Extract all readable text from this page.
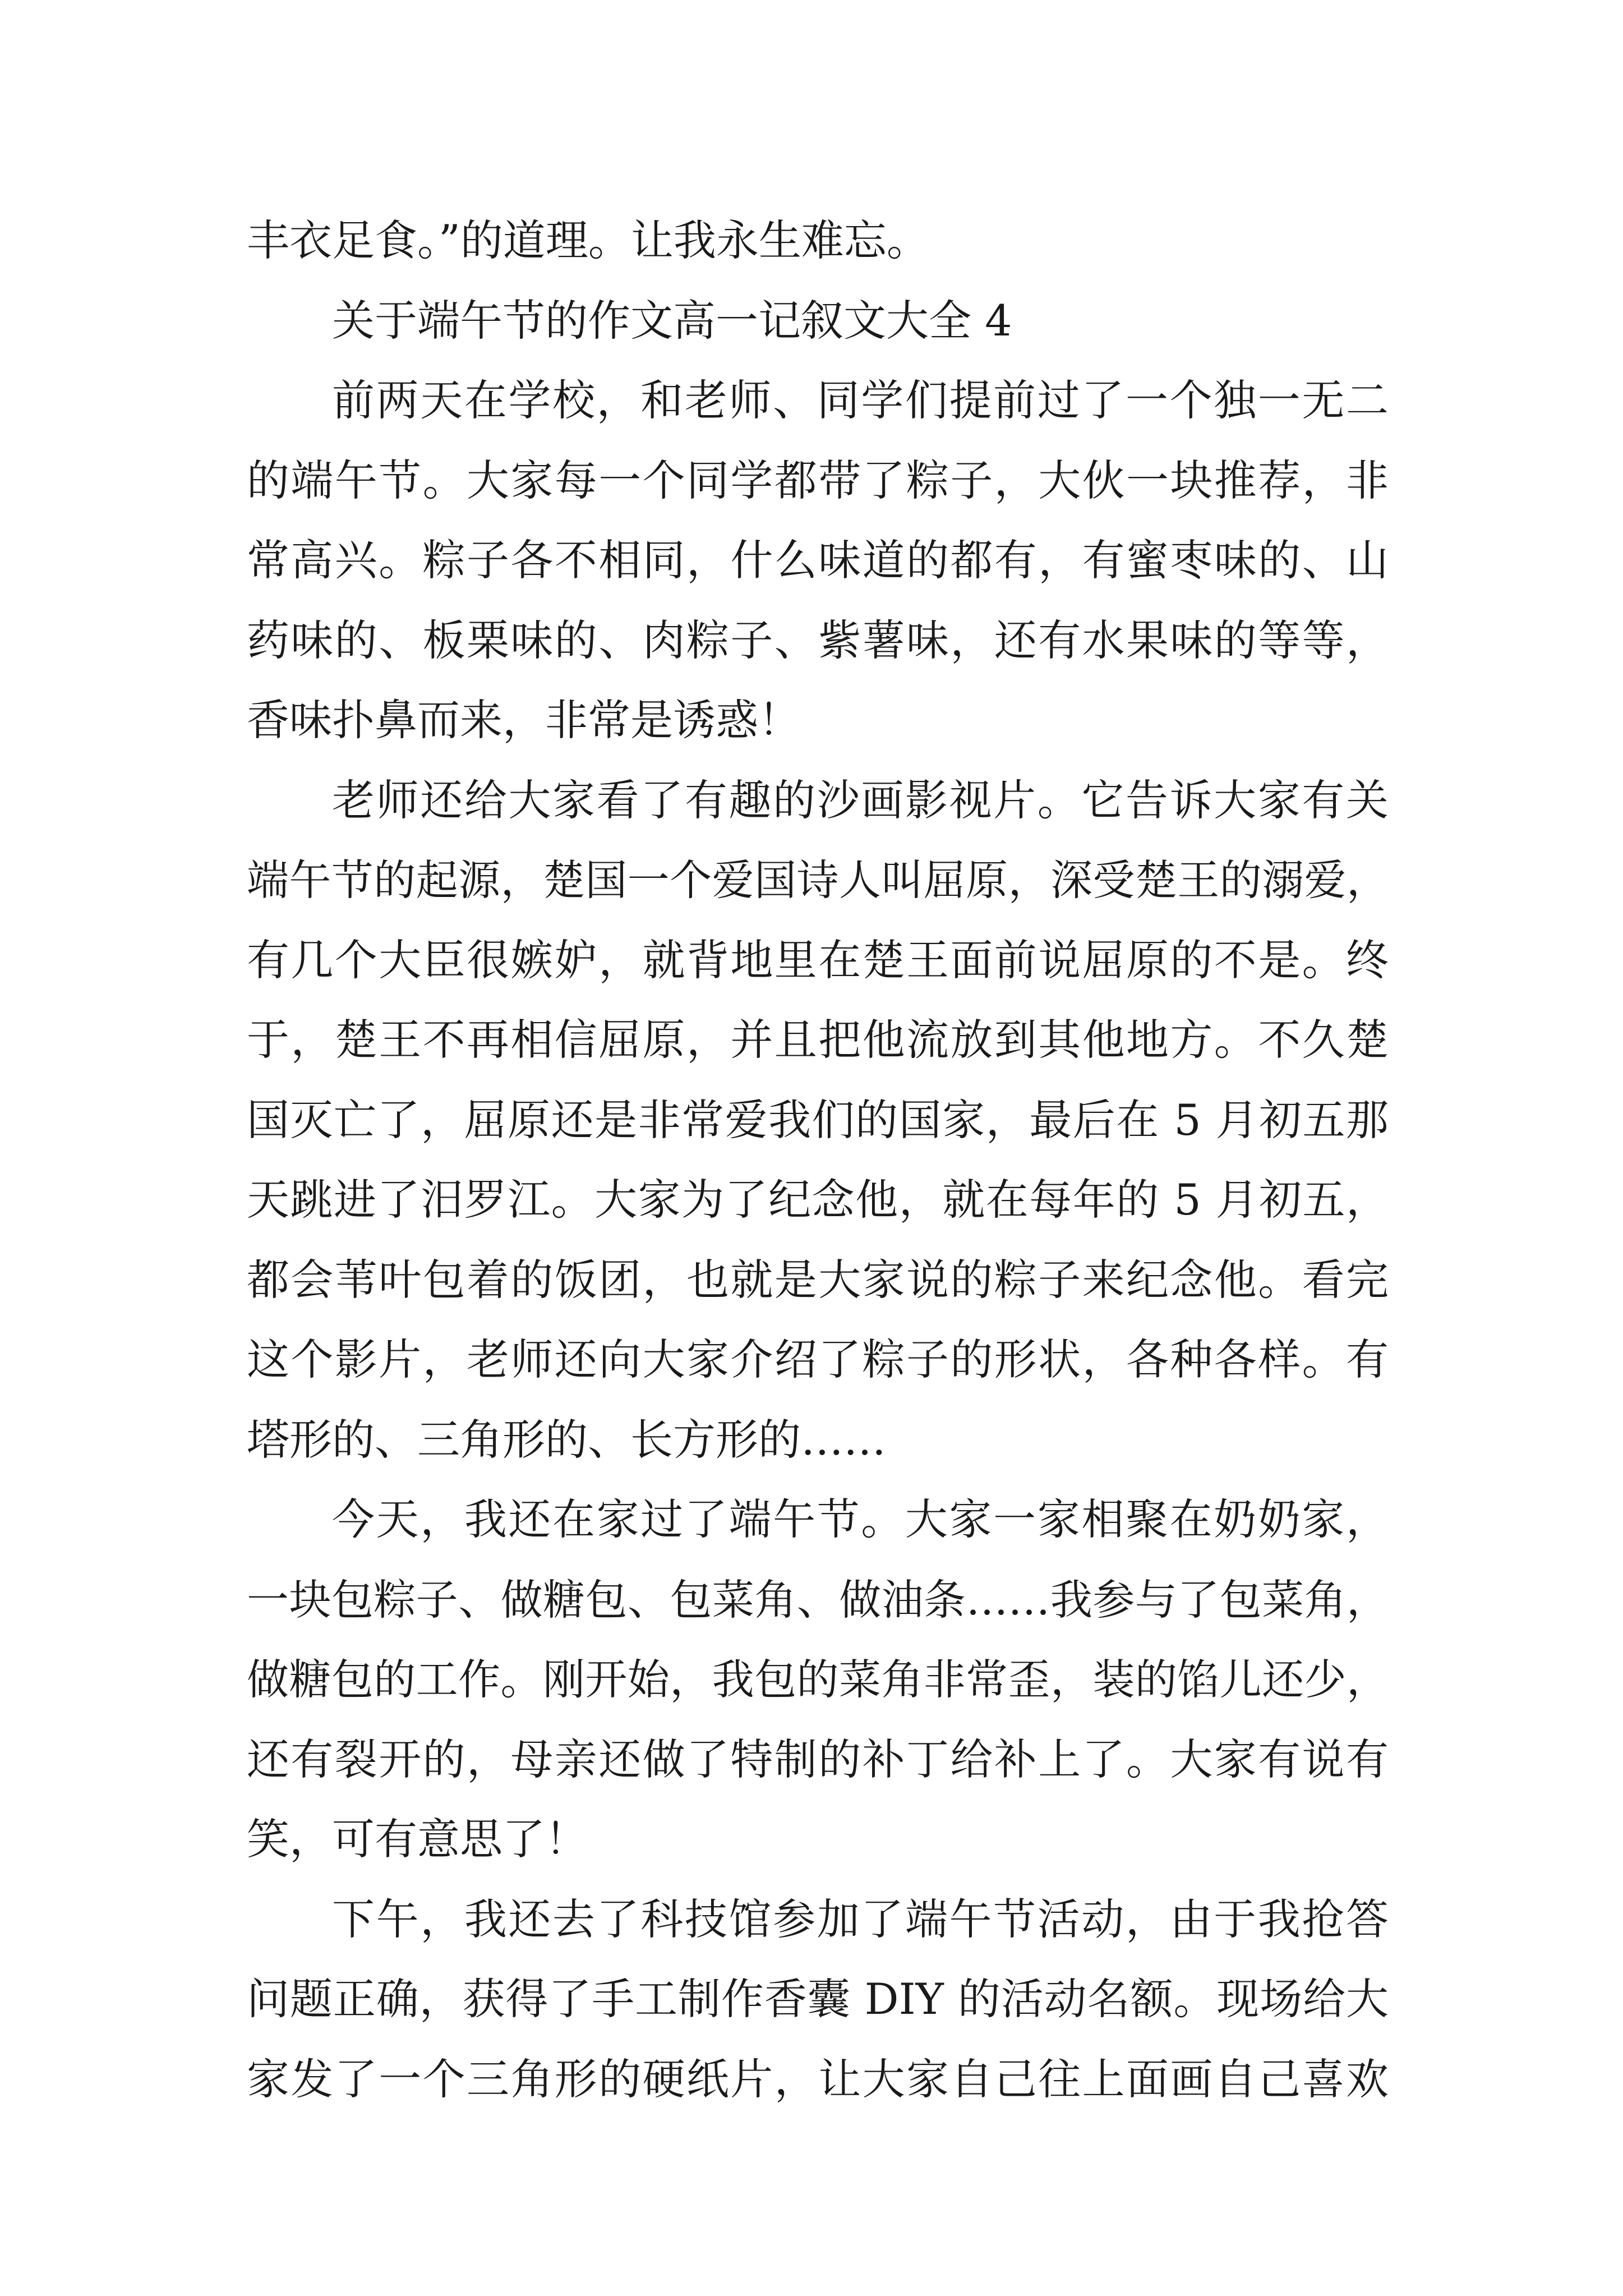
丰衣足食。”的道理。让我永生难忘。

关于端午节的作文高一记叙文大全 4

前两天在学校，和老师、同学们提前过了一个独一无二
的端午节。大家每一个同学都带了粽子，大伙一块推荐，非
常高兴。粽子各不相同，什么味道的都有，有蜜枣味的、山
药味的、板栗味的、肉粽子、紫薯味，还有水果味的等等，
香味扑鼻而来，非常是诱惑！

老师还给大家看了有趣的沙画影视片。它告诉大家有关
端午节的起源，楚国一个爱国诗人叫屈原，深受楚王的溺爱，
有几个大臣很嫉妒，就背地里在楚王面前说屈原的不是。终
于，楚王不再相信屈原，并且把他流放到其他地方。不久楚
国灭亡了，屈原还是非常爱我们的国家，最后在 5 月初五那
天跳进了汨罗江。大家为了纪念他，就在每年的 5 月初五，
都会苇叶包着的饭团，也就是大家说的粽子来纪念他。看完
这个影片，老师还向大家介绍了粽子的形状，各种各样。有
塔形的、三角形的、长方形的……

今天，我还在家过了端午节。大家一家相聚在奶奶家，
一块包粽子、做糖包、包菜角、做油条……我参与了包菜角，
做糖包的工作。刚开始，我包的菜角非常歪，装的馅儿还少，
还有裂开的，母亲还做了特制的补丁给补上了。大家有说有
笑，可有意思了！

下午，我还去了科技馆参加了端午节活动，由于我抢答
问题正确，获得了手工制作香囊 DIY 的活动名额。现场给大
家发了一个三角形的硬纸片，让大家自己往上面画自己喜欢
